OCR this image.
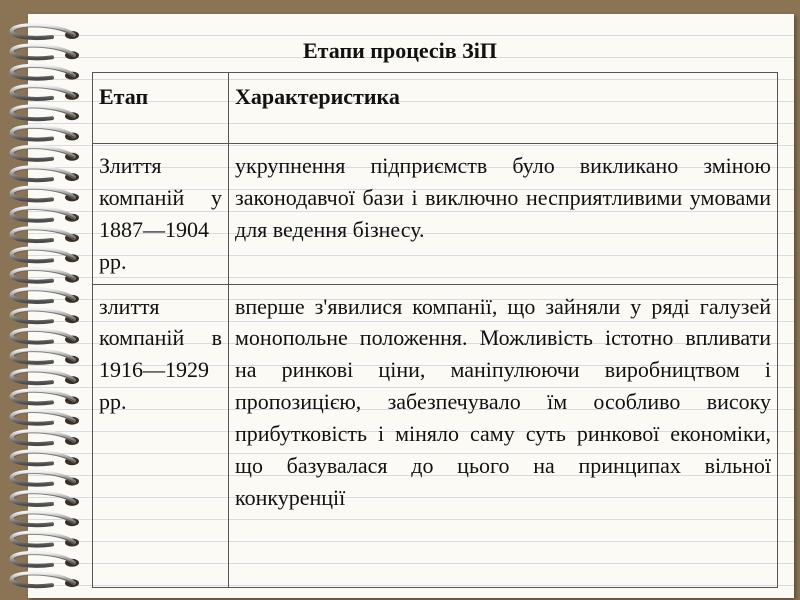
Етапи процесів ЗіП
Етап	Характеристика
Злиття компаній у 1887—1904 рр.	укрупнення підприємств було викликано зміною законодавчої бази і виключно несприятливими умовами для ведення бізнесу.
злиття компаній в 1916—1929 рр.	вперше з'явилися компанії, що зайняли у ряді галузей монопольне положення. Можливість істотно впливати на ринкові ціни, маніпулюючи виробництвом і пропозицією, забезпечувало їм особливо високу прибутковість і міняло саму суть ринкової економіки, що базувалася до цього на принципах вільної конкуренції
